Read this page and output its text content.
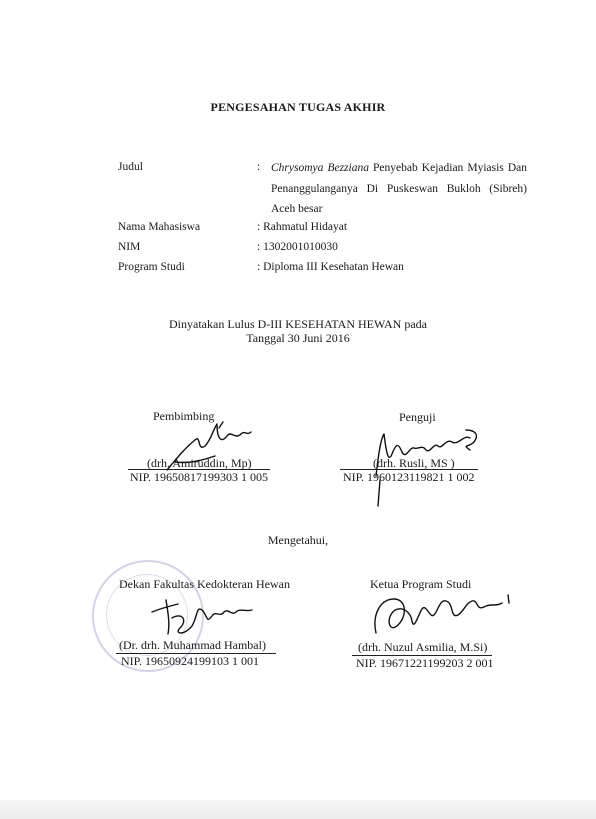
PENGESAHAN TUGAS AKHIR
Judul	: Chrysomya Bezziana Penyebab Kejadian Myiasis Dan Penanggulanganya Di Puskeswan Bukloh (Sibreh) Aceh besar
Nama Mahasiswa	: Rahmatul Hidayat
NIM	: 1302001010030
Program Studi	: Diploma III Kesehatan Hewan
Dinyatakan Lulus D-III KESEHATAN HEWAN pada
Tanggal 30 Juni 2016
Pembimbing
(drh. Amiruddin, Mp)
NIP. 19650817199303 1 005
Penguji
(drh. Rusli, MS )
NIP. 1960123119821 1 002
Mengetahui,
Dekan Fakultas Kedokteran Hewan
(Dr. drh. Muhammad Hambal)
NIP. 19650924199103 1 001
Ketua Program Studi
(drh. Nuzul Asmilia, M.Si)
NIP. 19671221199203 2 001
